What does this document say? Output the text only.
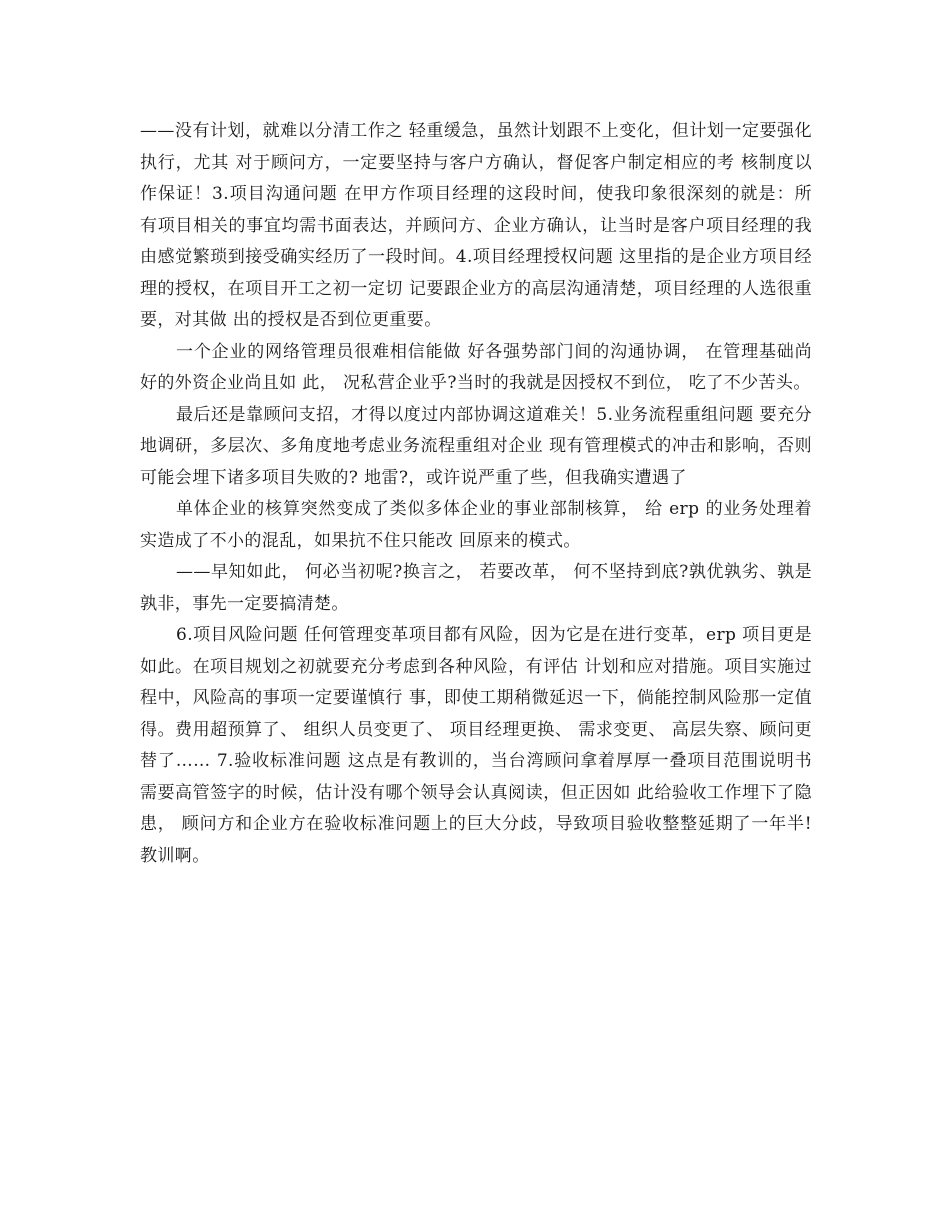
——没有计划，就难以分清工作之 轻重缓急，虽然计划跟不上变化，但计划一定要强化执行，尤其 对于顾问方，一定要坚持与客户方确认，督促客户制定相应的考 核制度以作保证！3.项目沟通问题 在甲方作项目经理的这段时间，使我印象很深刻的就是：所 有项目相关的事宜均需书面表达，并顾问方、企业方确认，让当时是客户项目经理的我由感觉繁琐到接受确实经历了一段时间。4.项目经理授权问题 这里指的是企业方项目经理的授权，在项目开工之初一定切 记要跟企业方的高层沟通清楚，项目经理的人选很重要，对其做 出的授权是否到位更重要。

一个企业的网络管理员很难相信能做 好各强势部门间的沟通协调， 在管理基础尚好的外资企业尚且如 此， 况私营企业乎?当时的我就是因授权不到位， 吃了不少苦头。

最后还是靠顾问支招，才得以度过内部协调这道难关！5.业务流程重组问题 要充分地调研，多层次、多角度地考虑业务流程重组对企业 现有管理模式的冲击和影响，否则可能会埋下诸多项目失败的? 地雷?，或许说严重了些，但我确实遭遇了

单体企业的核算突然变成了类似多体企业的事业部制核算， 给 erp 的业务处理着实造成了不小的混乱，如果抗不住只能改 回原来的模式。

——早知如此， 何必当初呢?换言之， 若要改革， 何不坚持到底?孰优孰劣、孰是孰非，事先一定要搞清楚。

6.项目风险问题 任何管理变革项目都有风险，因为它是在进行变革，erp 项目更是如此。在项目规划之初就要充分考虑到各种风险，有评估 计划和应对措施。项目实施过程中，风险高的事项一定要谨慎行 事，即使工期稍微延迟一下，倘能控制风险那一定值得。费用超预算了、 组织人员变更了、 项目经理更换、 需求变更、 高层失察、顾问更替了…… 7.验收标准问题 这点是有教训的，当台湾顾问拿着厚厚一叠项目范围说明书 需要高管签字的时候，估计没有哪个领导会认真阅读，但正因如 此给验收工作埋下了隐患， 顾问方和企业方在验收标准问题上的巨大分歧，导致项目验收整整延期了一年半!教训啊。
